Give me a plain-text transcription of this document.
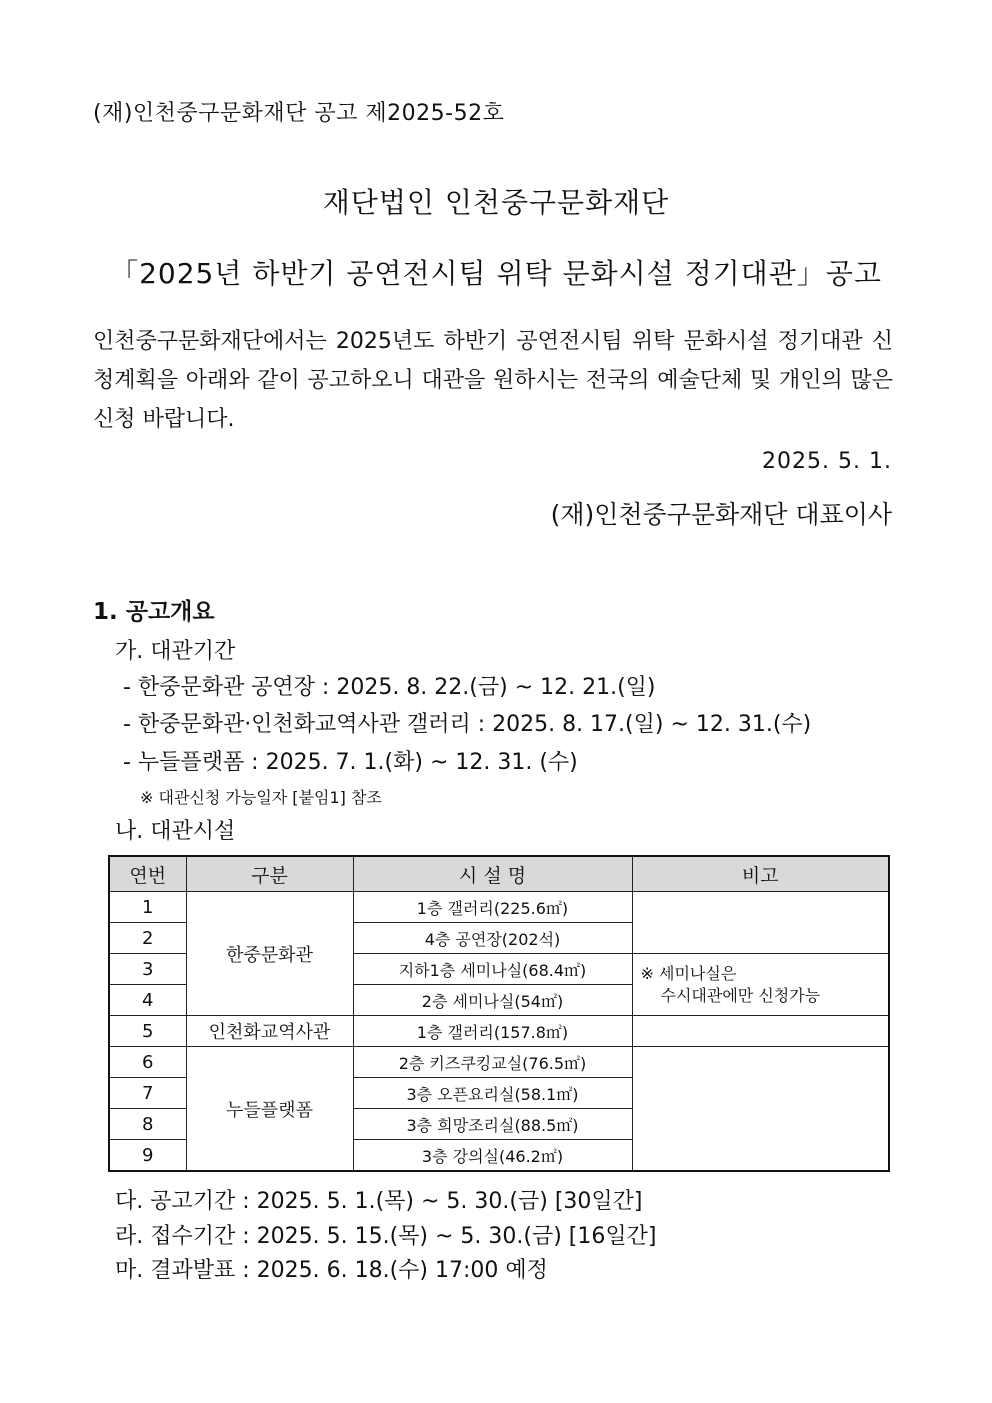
(재)인천중구문화재단 공고 제2025-52호
재단법인 인천중구문화재단
「2025년 하반기 공연전시팀 위탁 문화시설 정기대관」공고
인천중구문화재단에서는 2025년도 하반기 공연전시팀 위탁 문화시설 정기대관 신
청계획을 아래와 같이 공고하오니 대관을 원하시는 전국의 예술단체 및 개인의 많은
신청 바랍니다.
2025. 5. 1.
(재)인천중구문화재단 대표이사
1. 공고개요
가. 대관기간
- 한중문화관 공연장 : 2025. 8. 22.(금) ~ 12. 21.(일)
- 한중문화관·인천화교역사관 갤러리 : 2025. 8. 17.(일) ~ 12. 31.(수)
- 누들플랫폼 : 2025. 7. 1.(화) ~ 12. 31. (수)
※ 대관신청 가능일자 [붙임1] 참조
나. 대관시설
연번	구분	시 설 명	비고
1	한중문화관	1층 갤러리(225.6㎡)	
2		4층 공연장(202석)	
3		지하1층 세미나실(68.4㎡)	※ 세미나실은
수시대관에만 신청가능

4		2층 세미나실(54㎡)	
5	인천화교역사관	1층 갤러리(157.8㎡)	
6	누들플랫폼	2층 키즈쿠킹교실(76.5㎡)	
7		3층 오픈요리실(58.1㎡)	
8		3층 희망조리실(88.5㎡)	
9		3층 강의실(46.2㎡)	
다. 공고기간 : 2025. 5. 1.(목) ~ 5. 30.(금) [30일간]
라. 접수기간 : 2025. 5. 15.(목) ~ 5. 30.(금) [16일간]
마. 결과발표 : 2025. 6. 18.(수) 17:00 예정
